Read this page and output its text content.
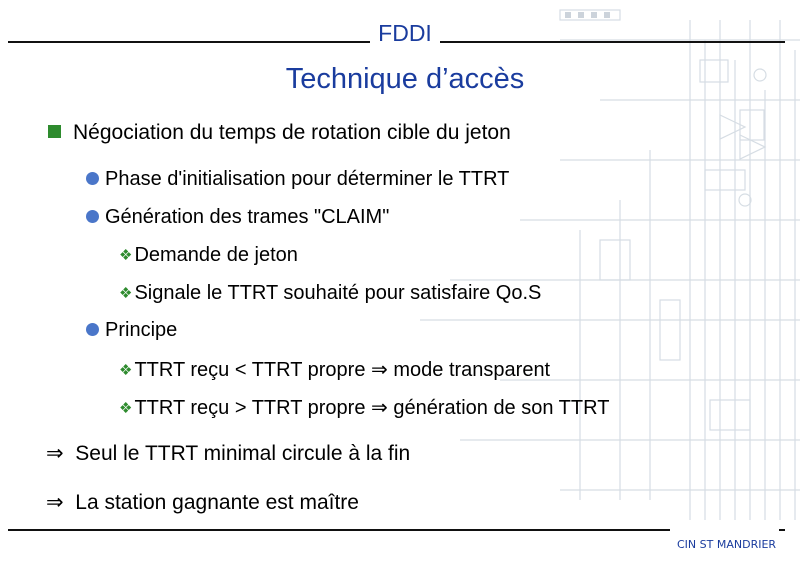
FDDI
Technique d’accès
Négociation du temps de rotation cible du jeton
Phase d'initialisation pour déterminer le TTRT
Génération des trames "CLAIM"
❖ Demande de jeton
❖ Signale le TTRT souhaité pour satisfaire Qo.S
Principe
❖ TTRT reçu < TTRT propre ⇒ mode transparent
❖ TTRT reçu > TTRT propre ⇒ génération de son TTRT
⇒ Seul le TTRT minimal circule à la fin
⇒ La station gagnante est maître
CIN ST MANDRIER
